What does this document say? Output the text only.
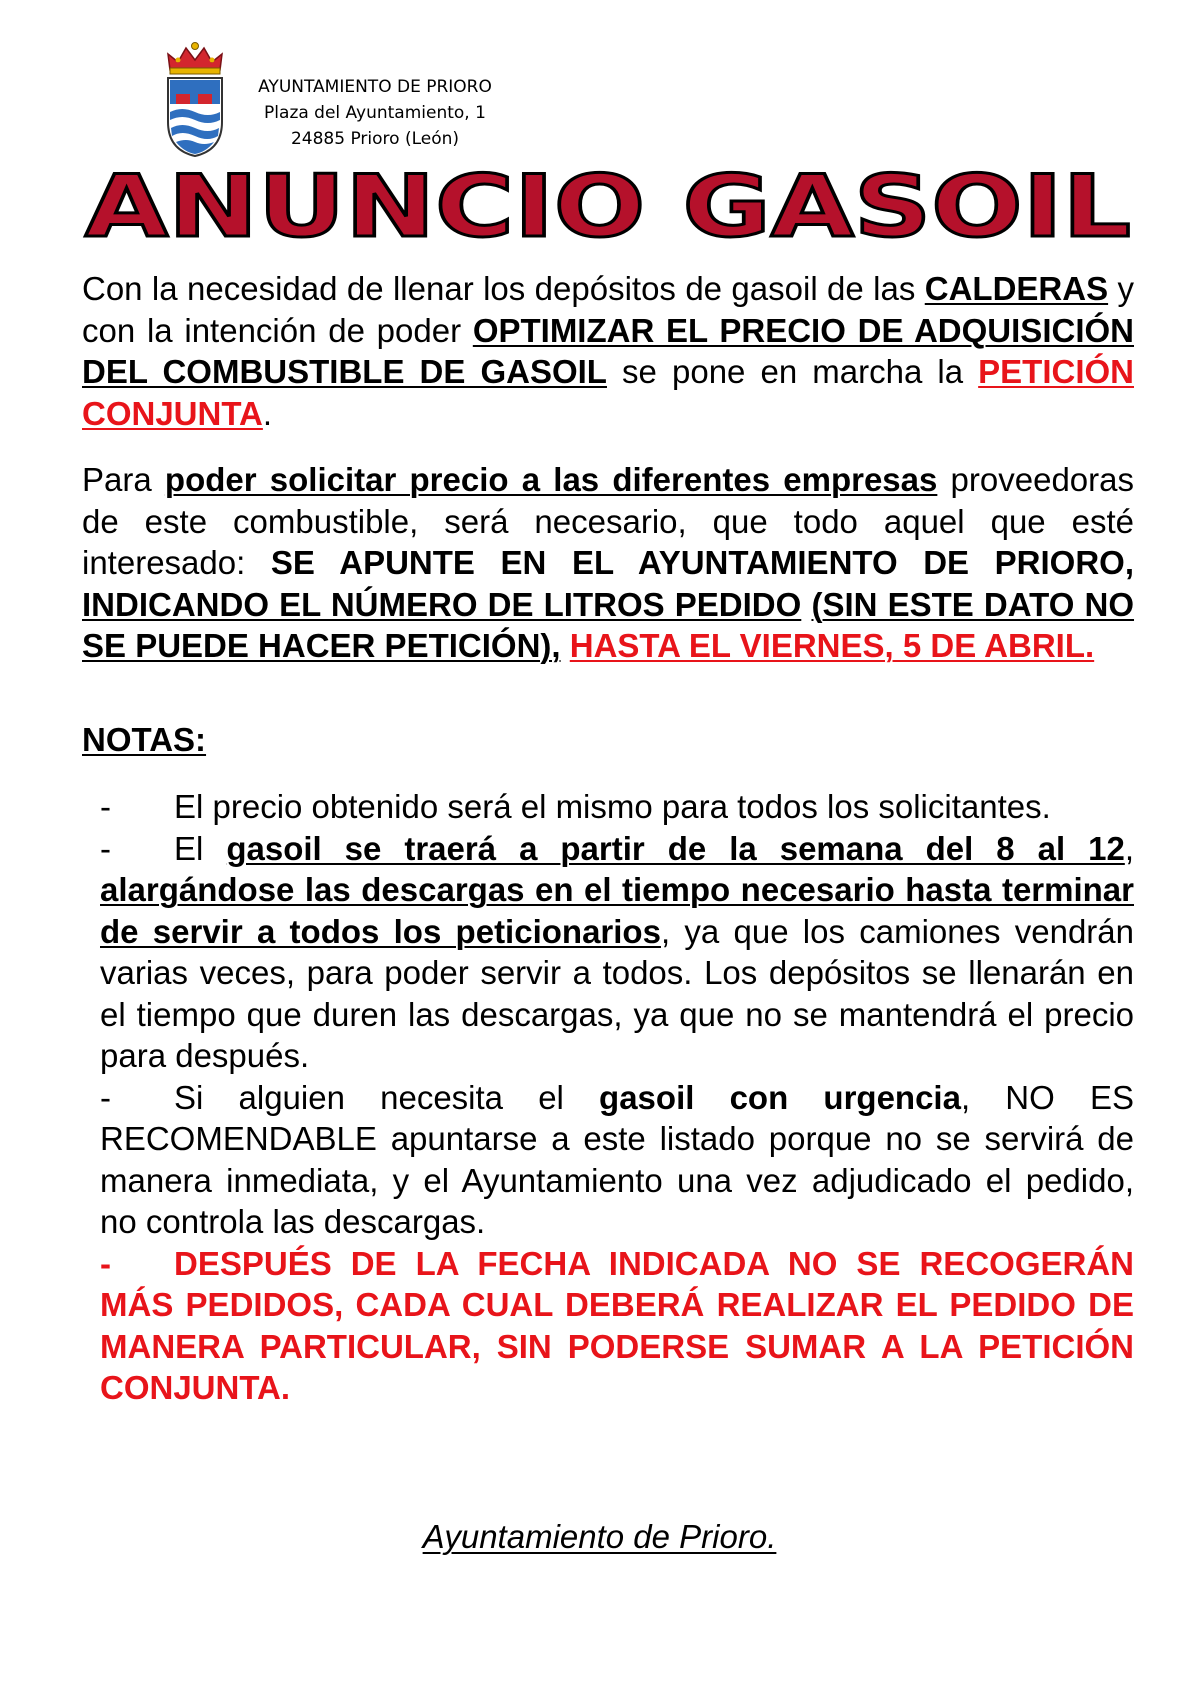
AYUNTAMIENTO DE PRIORO
Plaza del Ayuntamiento, 1
24885 Prioro (León)
ANUNCIO GASOIL

Con la necesidad de llenar los depósitos de gasoil de las CALDERAS y con la intención de poder OPTIMIZAR EL PRECIO DE ADQUISICIÓN DEL COMBUSTIBLE DE GASOIL se pone en marcha la PETICIÓN CONJUNTA.

Para poder solicitar precio a las diferentes empresas proveedoras de este combustible, será necesario, que todo aquel que esté interesado: SE APUNTE EN EL AYUNTAMIENTO DE PRIORO, INDICANDO EL NÚMERO DE LITROS PEDIDO (SIN ESTE DATO NO SE PUEDE HACER PETICIÓN), HASTA EL VIERNES, 5 DE ABRIL.

NOTAS:

- El precio obtenido será el mismo para todos los solicitantes.
- El gasoil se traerá a partir de la semana del 8 al 12, alargándose las descargas en el tiempo necesario hasta terminar de servir a todos los peticionarios, ya que los camiones vendrán varias veces, para poder servir a todos. Los depósitos se llenarán en el tiempo que duren las descargas, ya que no se mantendrá el precio para después.
- Si alguien necesita el gasoil con urgencia, NO ES RECOMENDABLE apuntarse a este listado porque no se servirá de manera inmediata, y el Ayuntamiento una vez adjudicado el pedido, no controla las descargas.
- DESPUÉS DE LA FECHA INDICADA NO SE RECOGERÁN MÁS PEDIDOS, CADA CUAL DEBERÁ REALIZAR EL PEDIDO DE MANERA PARTICULAR, SIN PODERSE SUMAR A LA PETICIÓN CONJUNTA.
Ayuntamiento de Prioro.
